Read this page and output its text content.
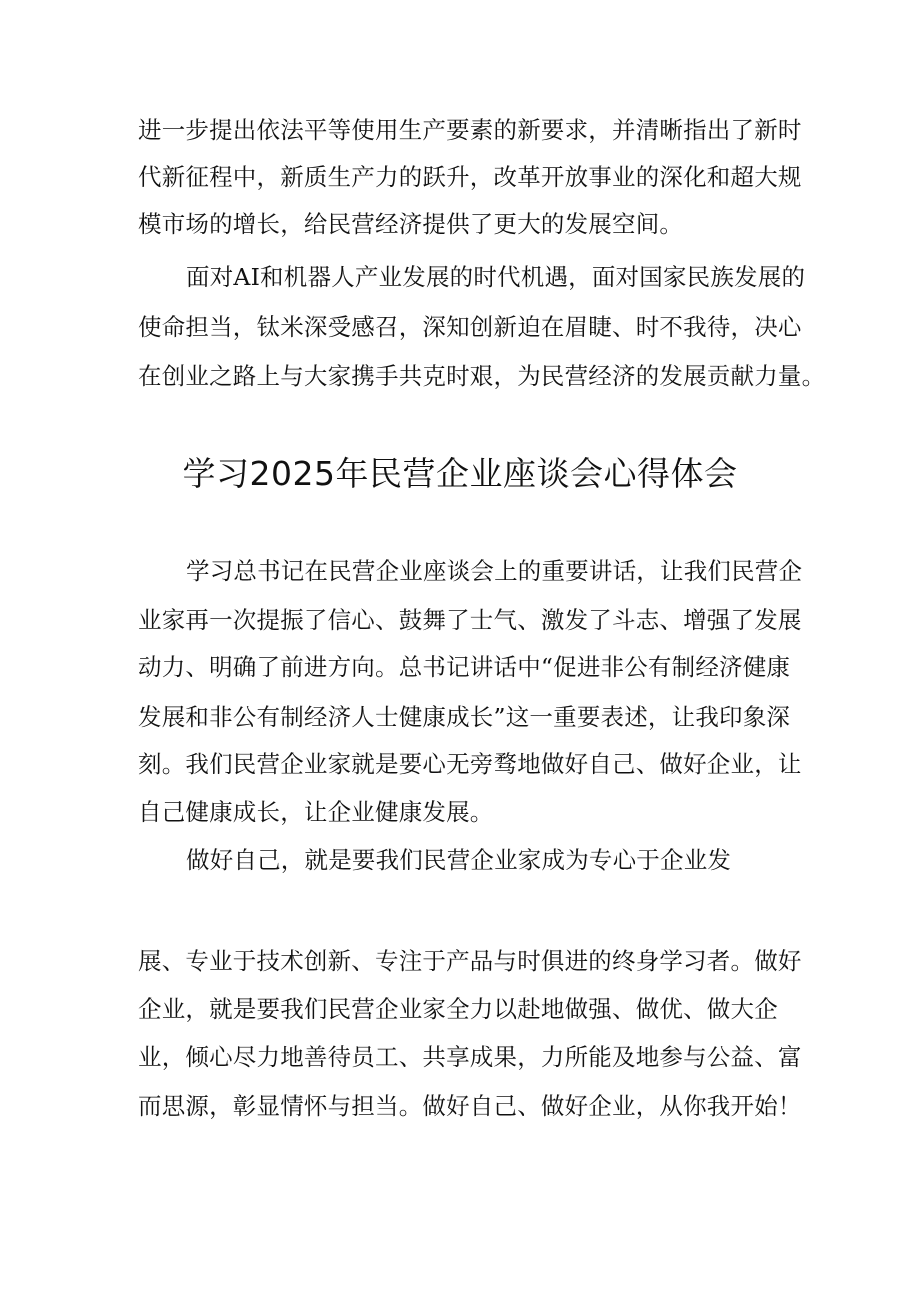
进一步提出依法平等使用生产要素的新要求，并清晰指出了新时
代新征程中，新质生产力的跃升，改革开放事业的深化和超大规
模市场的增长，给民营经济提供了更大的发展空间。
面对AI和机器人产业发展的时代机遇，面对国家民族发展的
使命担当，钛米深受感召，深知创新迫在眉睫、时不我待，决心
在创业之路上与大家携手共克时艰，为民营经济的发展贡献力量。
学习2025年民营企业座谈会心得体会
学习总书记在民营企业座谈会上的重要讲话，让我们民营企
业家再一次提振了信心、鼓舞了士气、激发了斗志、增强了发展
动力、明确了前进方向。总书记讲话中“促进非公有制经济健康
发展和非公有制经济人士健康成长”这一重要表述，让我印象深
刻。我们民营企业家就是要心无旁骛地做好自己、做好企业，让
自己健康成长，让企业健康发展。
做好自己，就是要我们民营企业家成为专心于企业发
展、专业于技术创新、专注于产品与时俱进的终身学习者。做好
企业，就是要我们民营企业家全力以赴地做强、做优、做大企
业，倾心尽力地善待员工、共享成果，力所能及地参与公益、富
而思源，彰显情怀与担当。做好自己、做好企业，从你我开始！
